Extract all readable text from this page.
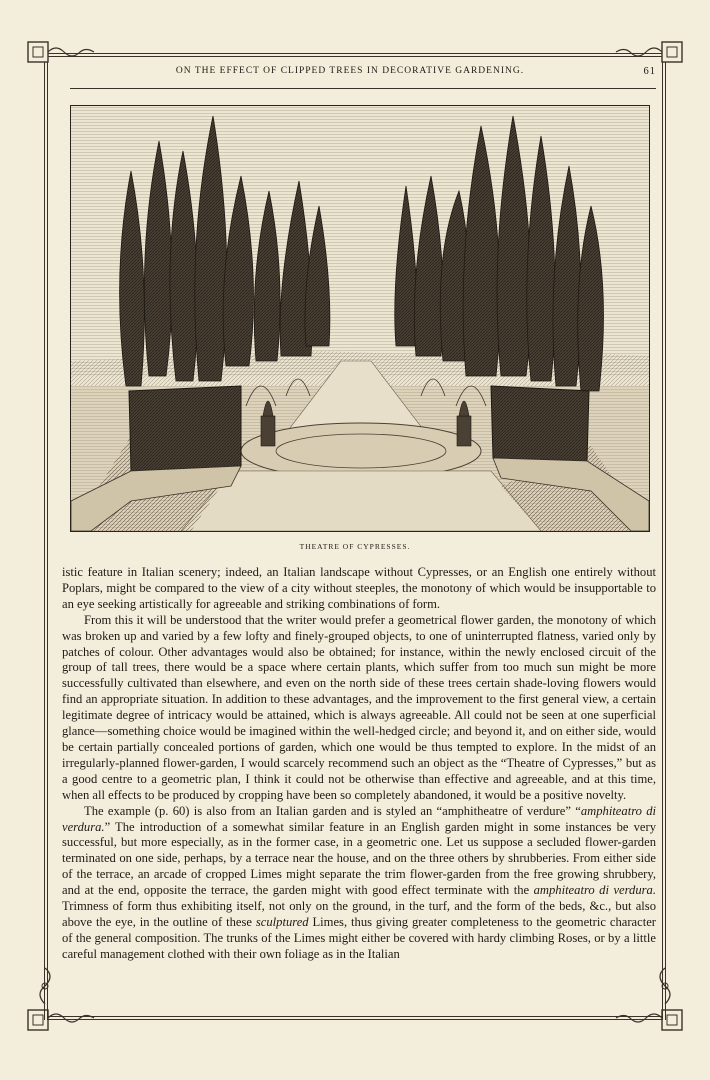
ON THE EFFECT OF CLIPPED TREES IN DECORATIVE GARDENING.	61
THEATRE OF CYPRESSES.

istic feature in Italian scenery; indeed, an Italian landscape without Cypresses, or an English one entirely without Poplars, might be compared to the view of a city without steeples, the monotony of which would be insupportable to an eye seeking artistically for agreeable and striking combinations of form.

From this it will be understood that the writer would prefer a geometrical flower garden, the monotony of which was broken up and varied by a few lofty and finely-grouped objects, to one of uninterrupted flatness, varied only by patches of colour. Other advantages would also be obtained; for instance, within the newly enclosed circuit of the group of tall trees, there would be a space where certain plants, which suffer from too much sun might be more successfully cultivated than elsewhere, and even on the north side of these trees certain shade-loving flowers would find an appropriate situation. In addition to these advantages, and the improvement to the first general view, a certain legitimate degree of intricacy would be attained, which is always agreeable. All could not be seen at one superficial glance—something choice would be imagined within the well-hedged circle; and beyond it, and on either side, would be certain partially concealed portions of garden, which one would be thus tempted to explore. In the midst of an irregularly-planned flower-garden, I would scarcely recommend such an object as the “Theatre of Cypresses,” but as a good centre to a geometric plan, I think it could not be otherwise than effective and agreeable, and at this time, when all effects to be produced by cropping have been so completely abandoned, it would be a positive novelty.

The example (p. 60) is also from an Italian garden and is styled an “amphitheatre of verdure” “amphiteatro di verdura.” The introduction of a somewhat similar feature in an English garden might in some instances be very successful, but more especially, as in the former case, in a geometric one. Let us suppose a secluded flower-garden terminated on one side, perhaps, by a terrace near the house, and on the three others by shrubberies. From either side of the terrace, an arcade of cropped Limes might separate the trim flower-garden from the free growing shrubbery, and at the end, opposite the terrace, the garden might with good effect terminate with the amphiteatro di verdura. Trimness of form thus exhibiting itself, not only on the ground, in the turf, and the form of the beds, &c., but also above the eye, in the outline of these sculptured Limes, thus giving greater completeness to the geometric character of the general composition. The trunks of the Limes might either be covered with hardy climbing Roses, or by a little careful management clothed with their own foliage as in the Italian
